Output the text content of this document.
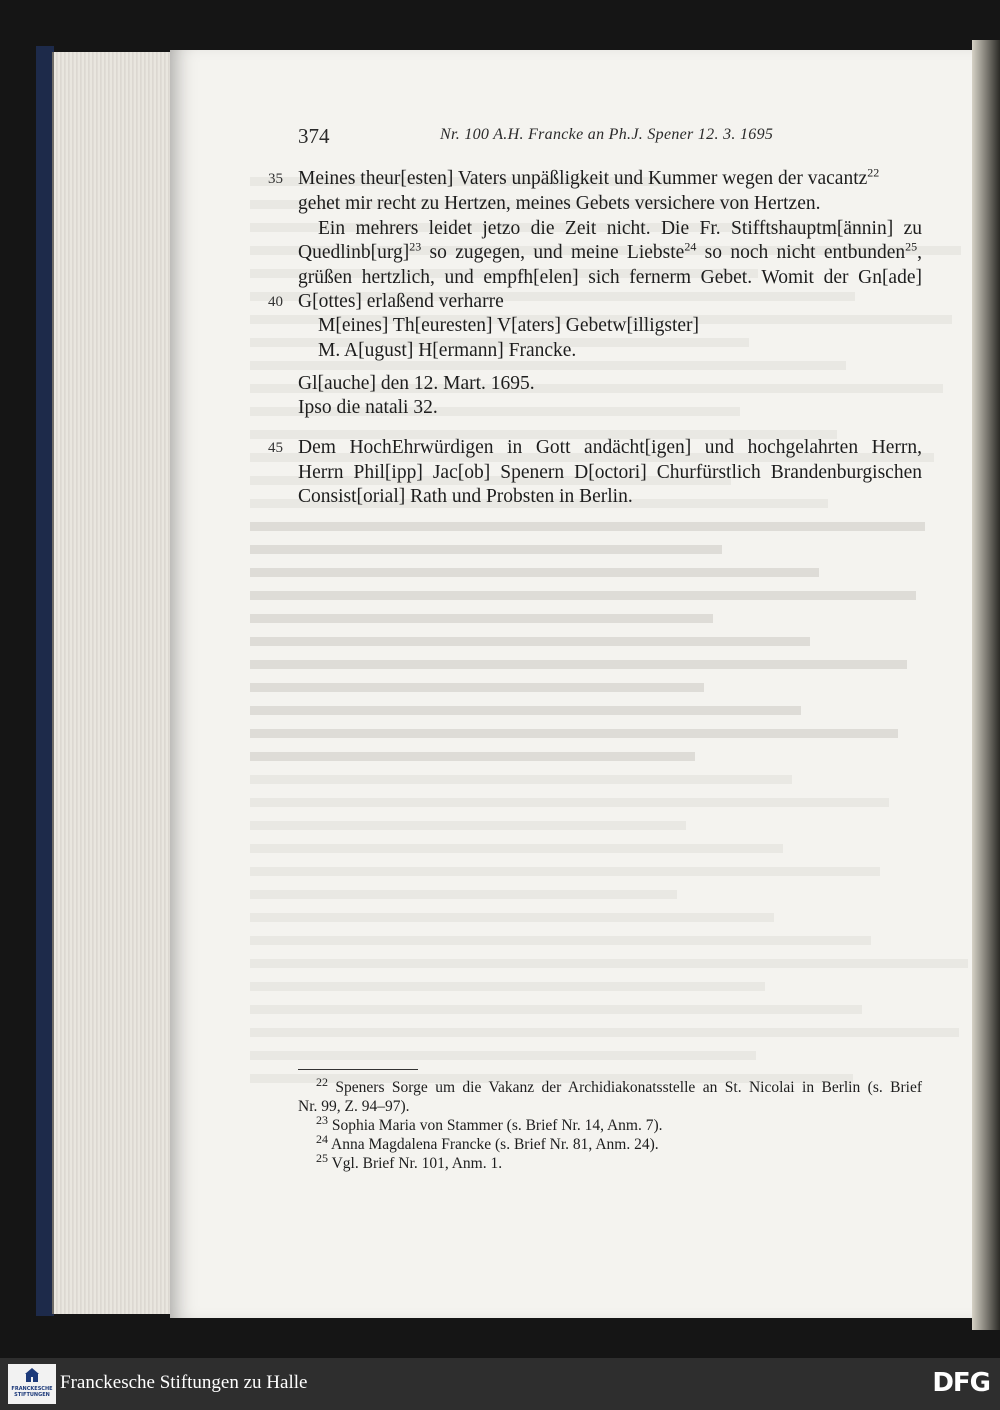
374	Nr. 100 A.H. Francke an Ph.J. Spener 12. 3. 1695
35 Meines theur[esten] Vaters unpäßligkeit und Kummer wegen der vacantz$^{22}$
gehet mir recht zu Hertzen, meines Gebets versichere von Hertzen.
Ein mehrers leidet jetzo die Zeit nicht. Die Fr. Stifftshauptm[ännin] zu
Quedlinb[urg]$^{23}$ so zugegen, und meine Liebste$^{24}$ so noch nicht entbunden$^{25}$,
grüßen hertzlich, und empfh[elen] sich fernerm Gebet. Womit der Gn[ade]
40 G[ottes] erlaßend verharre
M[eines] Th[euresten] V[aters] Gebetw[illigster]
M. A[ugust] H[ermann] Francke.
Gl[auche] den 12. Mart. 1695.
Ipso die natali 32.
45 Dem HochEhrwürdigen in Gott andächt[igen] und hochgelahrten Herrn,
Herrn Phil[ipp] Jac[ob] Spenern D[octori] Churfürstlich Brandenburgischen
Consist[orial] Rath und Probsten in Berlin.
$^{22}$ Speners Sorge um die Vakanz der Archidiakonatsstelle an St. Nicolai in Berlin (s. Brief
Nr. 99, Z. 94–97).
$^{23}$ Sophia Maria von Stammer (s. Brief Nr. 14, Anm. 7).
$^{24}$ Anna Magdalena Francke (s. Brief Nr. 81, Anm. 24).
$^{25}$ Vgl. Brief Nr. 101, Anm. 1.
FRANCKESCHE
STIFTUNGEN
Franckesche Stiftungen zu Halle	DFG
